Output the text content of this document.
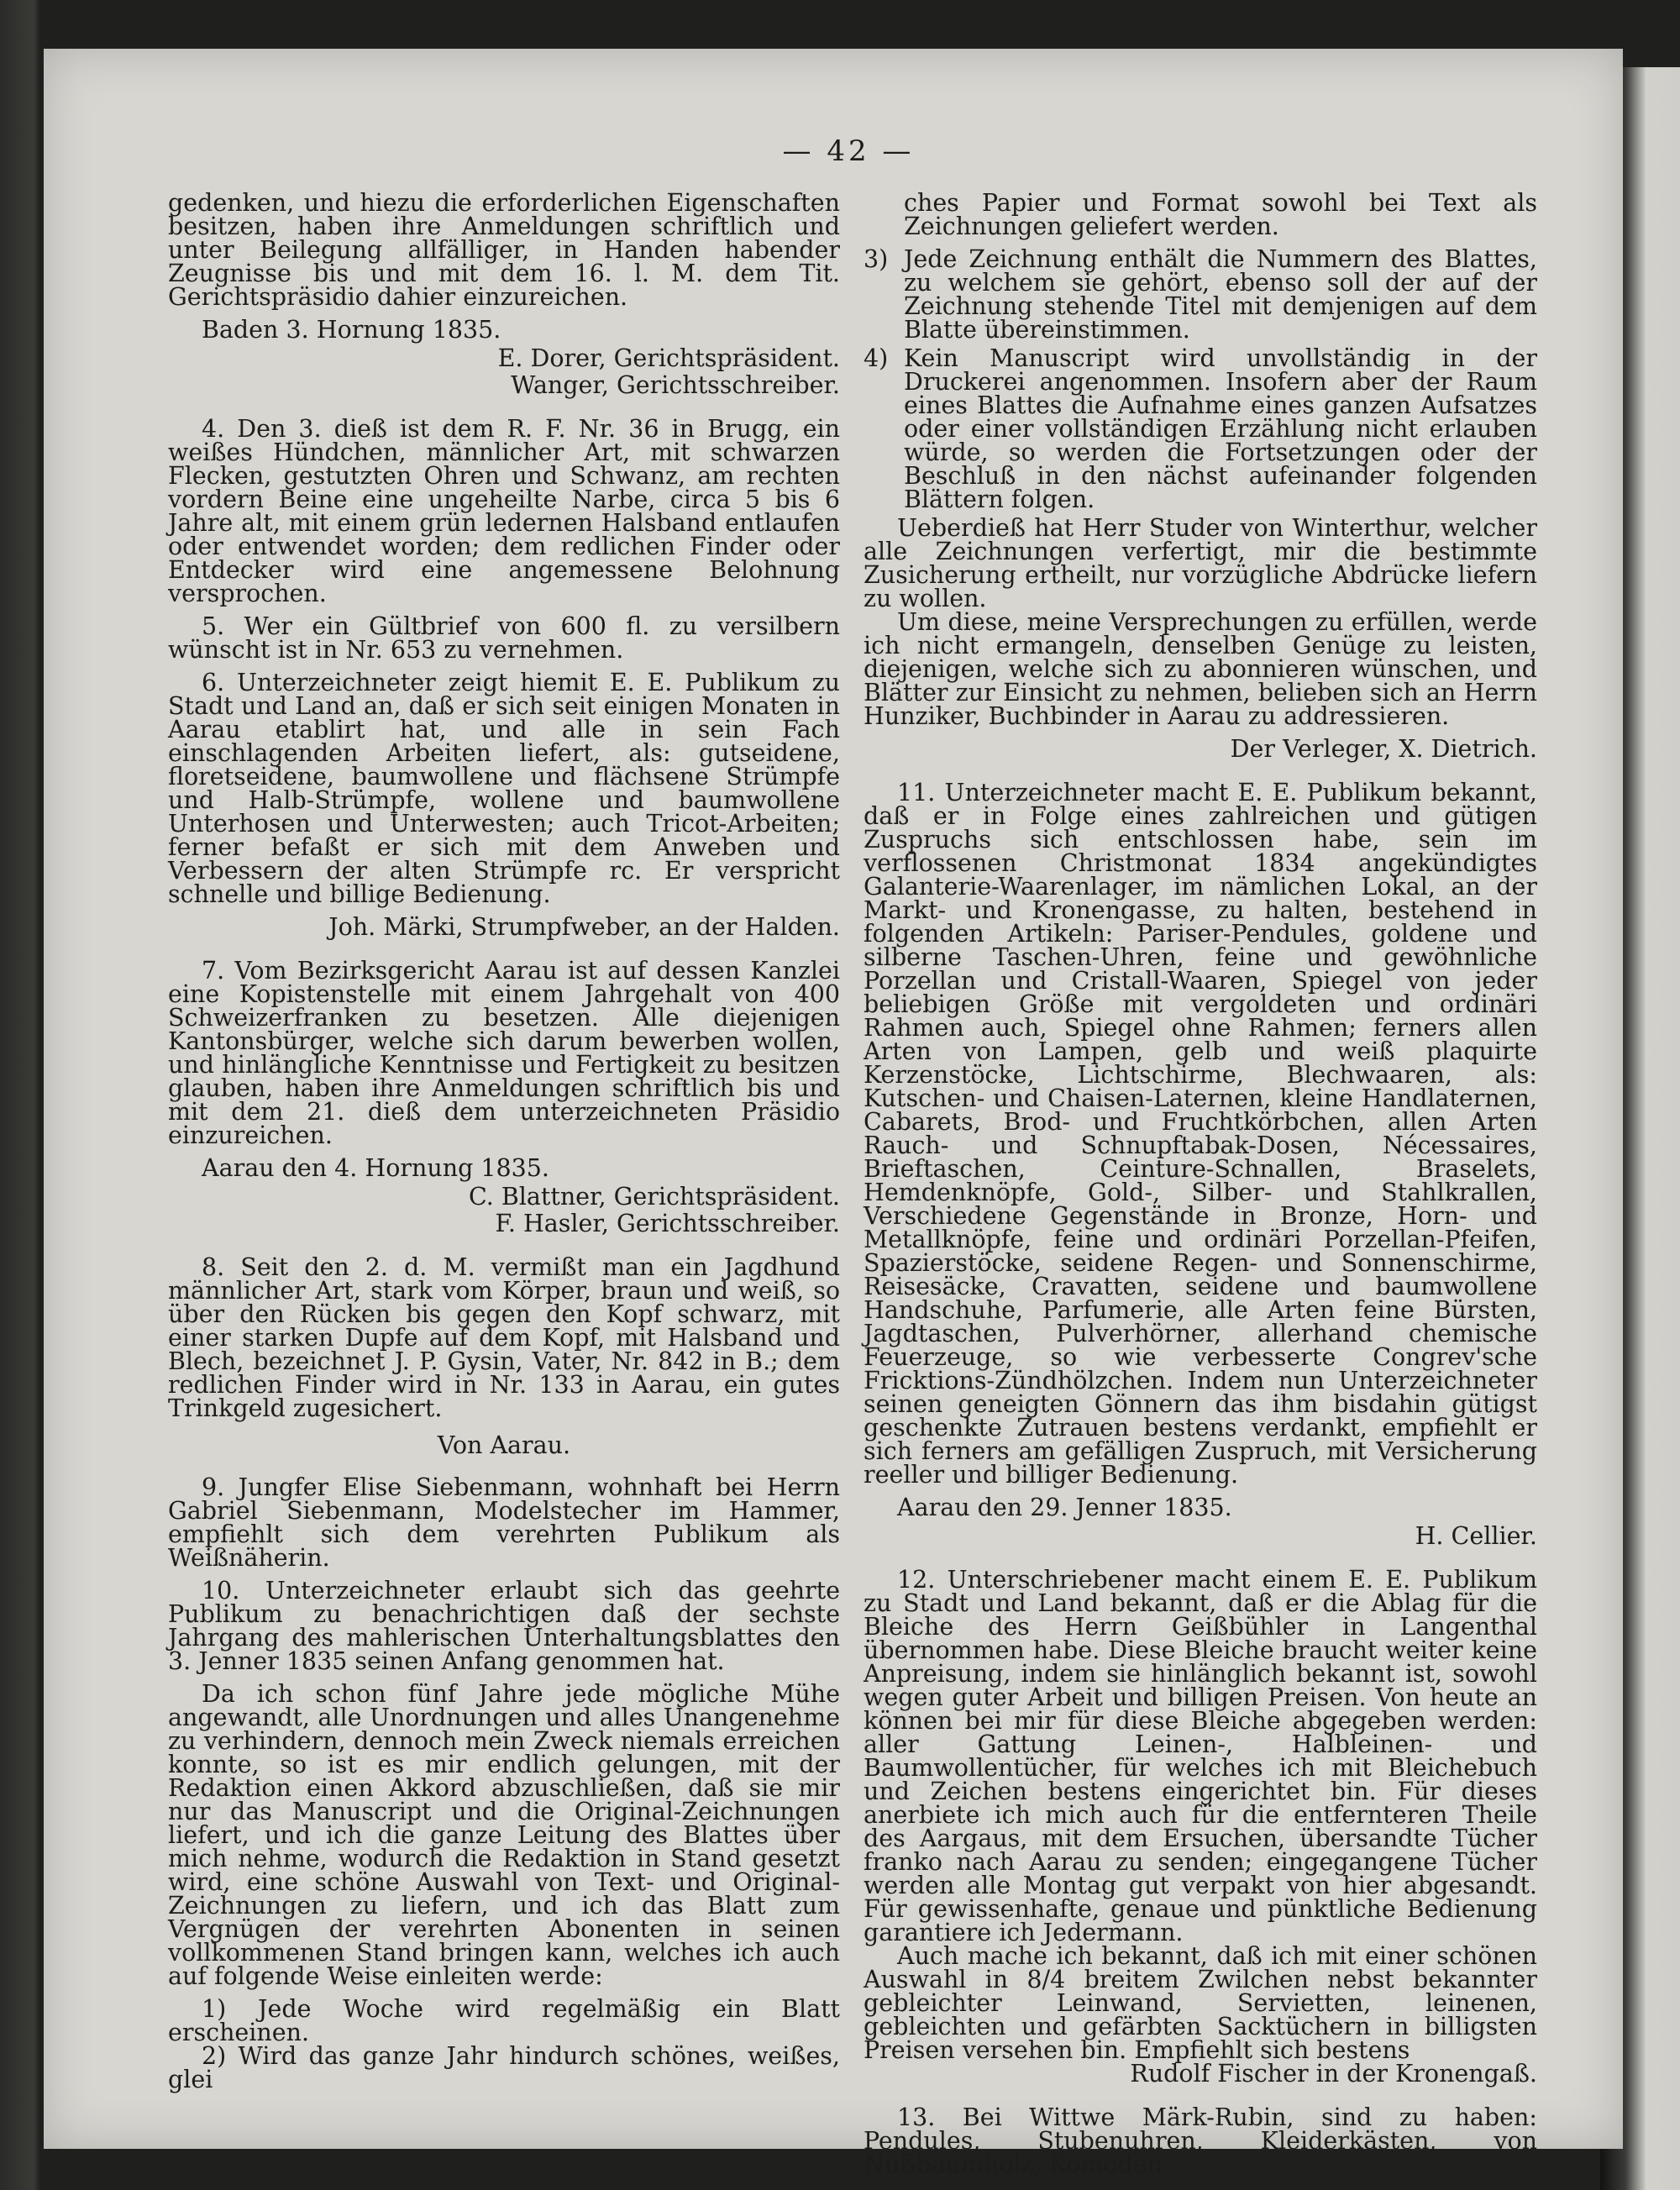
— 42 —

gedenken, und hiezu die erforderlichen Eigenschaften besitzen, haben ihre Anmeldungen schriftlich und unter Beilegung allfälliger, in Handen habender Zeugnisse bis und mit dem 16. l. M. dem Tit. Gerichtspräsidio dahier einzureichen.

Baden 3. Hornung 1835.
E. Dorer, Gerichtspräsident.
Wanger, Gerichtsschreiber.

4. Den 3. dieß ist dem R. F. Nr. 36 in Brugg, ein weißes Hündchen, männlicher Art, mit schwarzen Flecken, gestutzten Ohren und Schwanz, am rechten vordern Beine eine ungeheilte Narbe, circa 5 bis 6 Jahre alt, mit einem grün ledernen Halsband entlaufen oder entwendet worden; dem redlichen Finder oder Entdecker wird eine angemessene Belohnung versprochen.

5. Wer ein Gültbrief von 600 fl. zu versilbern wünscht ist in Nr. 653 zu vernehmen.

6. Unterzeichneter zeigt hiemit E. E. Publikum zu Stadt und Land an, daß er sich seit einigen Monaten in Aarau etablirt hat, und alle in sein Fach einschlagenden Arbeiten liefert, als: gutseidene, floretseidene, baumwollene und flächsene Strümpfe und Halb-Strümpfe, wollene und baumwollene Unterhosen und Unterwesten; auch Tricot-Arbeiten; ferner befaßt er sich mit dem Anweben und Verbessern der alten Strümpfe rc. Er verspricht schnelle und billige Bedienung.

Joh. Märki, Strumpfweber, an der Halden.

7. Vom Bezirksgericht Aarau ist auf dessen Kanzlei eine Kopistenstelle mit einem Jahrgehalt von 400 Schweizerfranken zu besetzen. Alle diejenigen Kantonsbürger, welche sich darum bewerben wollen, und hinlängliche Kenntnisse und Fertigkeit zu besitzen glauben, haben ihre Anmeldungen schriftlich bis und mit dem 21. dieß dem unterzeichneten Präsidio einzureichen.

Aarau den 4. Hornung 1835.
C. Blattner, Gerichtspräsident.
F. Hasler, Gerichtsschreiber.

8. Seit den 2. d. M. vermißt man ein Jagdhund männlicher Art, stark vom Körper, braun und weiß, so über den Rücken bis gegen den Kopf schwarz, mit einer starken Dupfe auf dem Kopf, mit Halsband und Blech, bezeichnet J. P. Gysin, Vater, Nr. 842 in B.; dem redlichen Finder wird in Nr. 133 in Aarau, ein gutes Trinkgeld zugesichert.

Von Aarau.

9. Jungfer Elise Siebenmann, wohnhaft bei Herrn Gabriel Siebenmann, Modelstecher im Hammer, empfiehlt sich dem verehrten Publikum als Weißnäherin.

10. Unterzeichneter erlaubt sich das geehrte Publikum zu benachrichtigen daß der sechste Jahrgang des mahlerischen Unterhaltungsblattes den 3. Jenner 1835 seinen Anfang genommen hat.

Da ich schon fünf Jahre jede mögliche Mühe angewandt, alle Unordnungen und alles Unangenehme zu verhindern, dennoch mein Zweck niemals erreichen konnte, so ist es mir endlich gelungen, mit der Redaktion einen Akkord abzuschließen, daß sie mir nur das Manuscript und die Original-Zeichnungen liefert, und ich die ganze Leitung des Blattes über mich nehme, wodurch die Redaktion in Stand gesetzt wird, eine schöne Auswahl von Text- und Original-Zeichnungen zu liefern, und ich das Blatt zum Vergnügen der verehrten Abonenten in seinen vollkommenen Stand bringen kann, welches ich auch auf folgende Weise einleiten werde:

1) Jede Woche wird regelmäßig ein Blatt erscheinen.
2) Wird das ganze Jahr hindurch schönes, weißes, glei

ches Papier und Format sowohl bei Text als Zeichnungen geliefert werden.

3) Jede Zeichnung enthält die Nummern des Blattes, zu welchem sie gehört, ebenso soll der auf der Zeichnung stehende Titel mit demjenigen auf dem Blatte übereinstimmen.
4) Kein Manuscript wird unvollständig in der Druckerei angenommen. Insofern aber der Raum eines Blattes die Aufnahme eines ganzen Aufsatzes oder einer vollständigen Erzählung nicht erlauben würde, so werden die Fortsetzungen oder der Beschluß in den nächst aufeinander folgenden Blättern folgen.

Ueberdieß hat Herr Studer von Winterthur, welcher alle Zeichnungen verfertigt, mir die bestimmte Zusicherung ertheilt, nur vorzügliche Abdrücke liefern zu wollen.

Um diese, meine Versprechungen zu erfüllen, werde ich nicht ermangeln, denselben Genüge zu leisten, diejenigen, welche sich zu abonnieren wünschen, und Blätter zur Einsicht zu nehmen, belieben sich an Herrn Hunziker, Buchbinder in Aarau zu addressieren.

Der Verleger, X. Dietrich.

11. Unterzeichneter macht E. E. Publikum bekannt, daß er in Folge eines zahlreichen und gütigen Zuspruchs sich entschlossen habe, sein im verflossenen Christmonat 1834 angekündigtes Galanterie-Waarenlager, im nämlichen Lokal, an der Markt- und Kronengasse, zu halten, bestehend in folgenden Artikeln: Pariser-Pendules, goldene und silberne Taschen-Uhren, feine und gewöhnliche Porzellan und Cristall-Waaren, Spiegel von jeder beliebigen Größe mit vergoldeten und ordinäri Rahmen auch, Spiegel ohne Rahmen; ferners allen Arten von Lampen, gelb und weiß plaquirte Kerzenstöcke, Lichtschirme, Blechwaaren, als: Kutschen- und Chaisen-Laternen, kleine Handlaternen, Cabarets, Brod- und Fruchtkörbchen, allen Arten Rauch- und Schnupftabak-Dosen, Nécessaires, Brieftaschen, Ceinture-Schnallen, Braselets, Hemdenknöpfe, Gold-, Silber- und Stahlkrallen, Verschiedene Gegenstände in Bronze, Horn- und Metallknöpfe, feine und ordinäri Porzellan-Pfeifen, Spazierstöcke, seidene Regen- und Sonnenschirme, Reisesäcke, Cravatten, seidene und baumwollene Handschuhe, Parfumerie, alle Arten feine Bürsten, Jagdtaschen, Pulverhörner, allerhand chemische Feuerzeuge, so wie verbesserte Congrev'sche Fricktions-Zündhölzchen. Indem nun Unterzeichneter seinen geneigten Gönnern das ihm bisdahin gütigst geschenkte Zutrauen bestens verdankt, empfiehlt er sich ferners am gefälligen Zuspruch, mit Versicherung reeller und billiger Bedienung.

Aarau den 29. Jenner 1835.
H. Cellier.

12. Unterschriebener macht einem E. E. Publikum zu Stadt und Land bekannt, daß er die Ablag für die Bleiche des Herrn Geißbühler in Langenthal übernommen habe. Diese Bleiche braucht weiter keine Anpreisung, indem sie hinlänglich bekannt ist, sowohl wegen guter Arbeit und billigen Preisen. Von heute an können bei mir für diese Bleiche abgegeben werden: aller Gattung Leinen-, Halbleinen- und Baumwollentücher, für welches ich mit Bleichebuch und Zeichen bestens eingerichtet bin. Für dieses anerbiete ich mich auch für die entfernteren Theile des Aargaus, mit dem Ersuchen, übersandte Tücher franko nach Aarau zu senden; eingegangene Tücher werden alle Montag gut verpakt von hier abgesandt. Für gewissenhafte, genaue und pünktliche Bedienung garantiere ich Jedermann.

Auch mache ich bekannt, daß ich mit einer schönen Auswahl in 8/4 breitem Zwilchen nebst bekannter gebleichter Leinwand, Servietten, leinenen, gebleichten und gefärbten Sacktüchern in billigsten Preisen versehen bin. Empfiehlt sich bestens

Rudolf Fischer in der Kronengaß.

13. Bei Wittwe Märk-Rubin, sind zu haben: Pendules, Stubenuhren, Kleiderkästen, von Nußbaumholz, Komoden-
